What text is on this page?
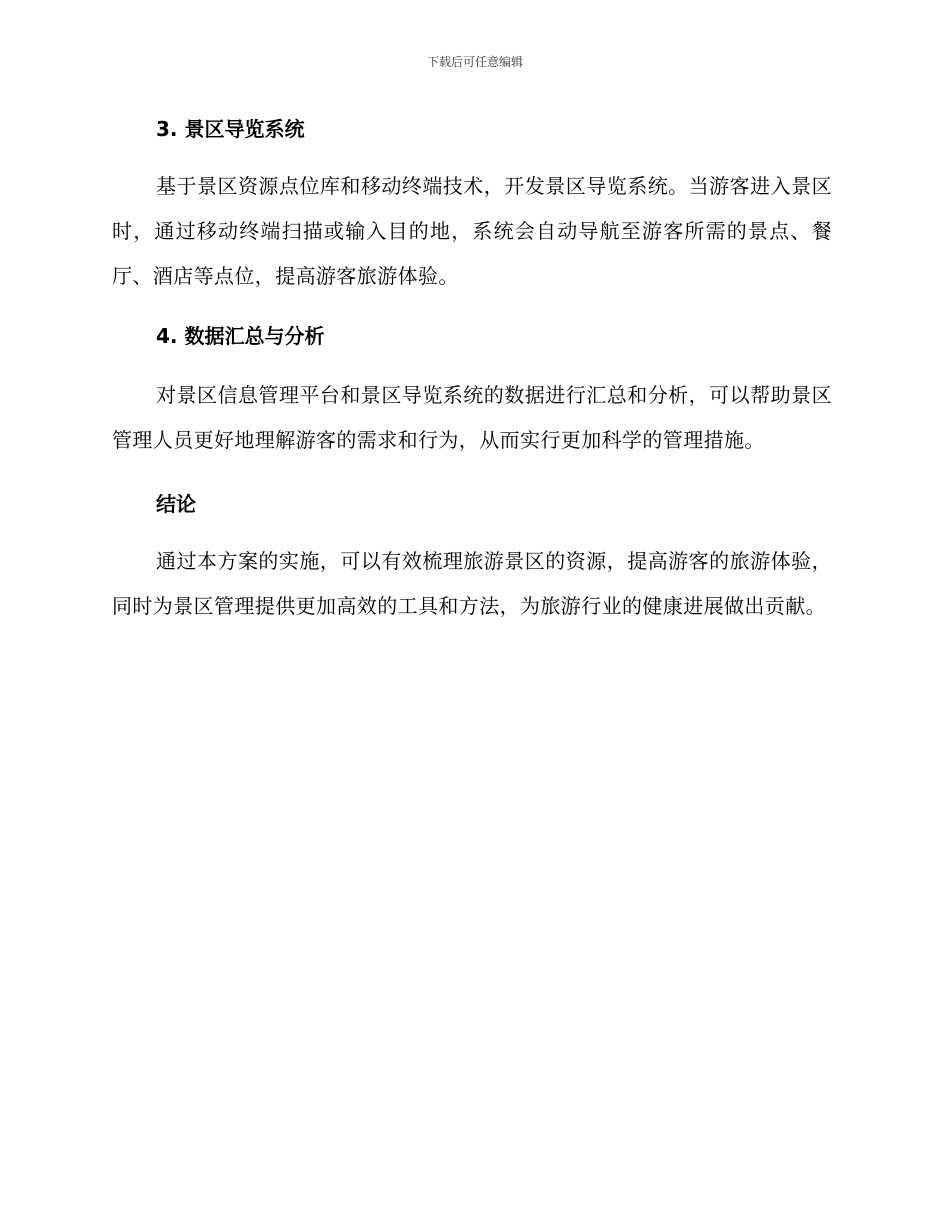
下载后可任意编辑
3. 景区导览系统

基于景区资源点位库和移动终端技术，开发景区导览系统。当游客进入景区时，通过移动终端扫描或输入目的地，系统会自动导航至游客所需的景点、餐厅、酒店等点位，提高游客旅游体验。

4. 数据汇总与分析

对景区信息管理平台和景区导览系统的数据进行汇总和分析，可以帮助景区管理人员更好地理解游客的需求和行为，从而实行更加科学的管理措施。

结论

通过本方案的实施，可以有效梳理旅游景区的资源，提高游客的旅游体验，同时为景区管理提供更加高效的工具和方法，为旅游行业的健康进展做出贡献。
